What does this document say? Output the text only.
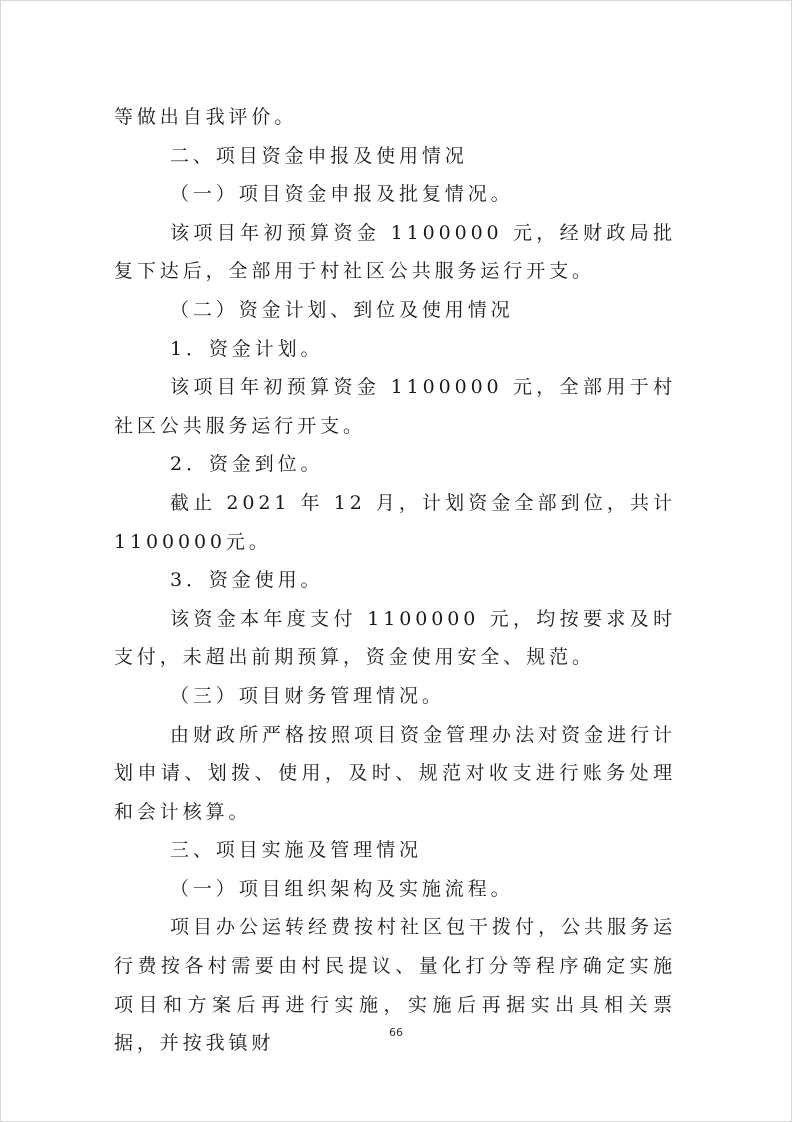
等做出自我评价。

二、项目资金申报及使用情况

（一）项目资金申报及批复情况。

该项目年初预算资金 1100000 元，经财政局批复下达后，全部用于村社区公共服务运行开支。

（二）资金计划、到位及使用情况

1．资金计划。

该项目年初预算资金 1100000 元，全部用于村社区公共服务运行开支。

2．资金到位。

截止 2021 年 12 月，计划资金全部到位，共计 1100000元。

3．资金使用。

该资金本年度支付 1100000 元，均按要求及时支付，未超出前期预算，资金使用安全、规范。

（三）项目财务管理情况。

由财政所严格按照项目资金管理办法对资金进行计划申请、划拨、使用，及时、规范对收支进行账务处理和会计核算。

三、项目实施及管理情况

（一）项目组织架构及实施流程。

项目办公运转经费按村社区包干拨付，公共服务运行费按各村需要由村民提议、量化打分等程序确定实施项目和方案后再进行实施，实施后再据实出具相关票据，并按我镇财	66
